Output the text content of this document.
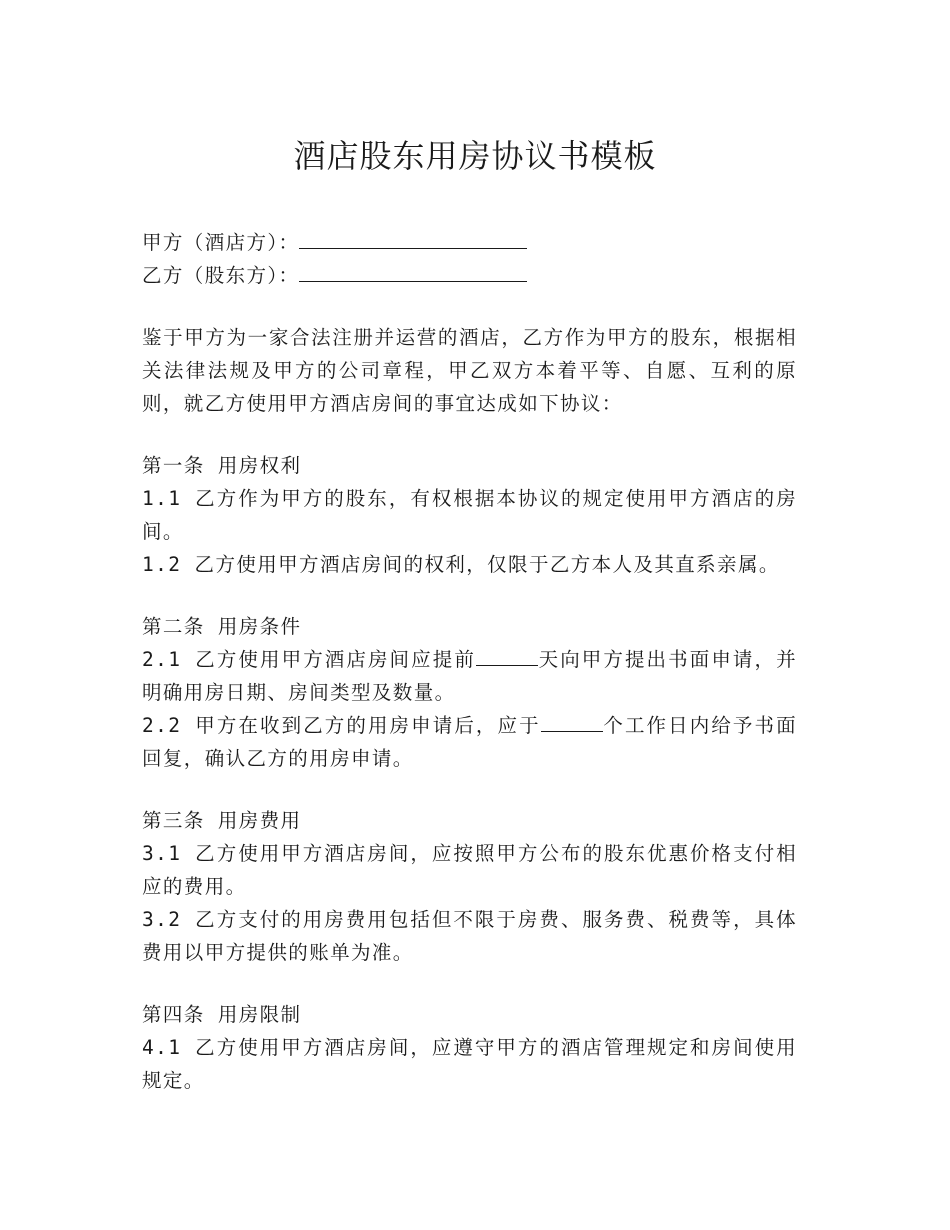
酒店股东用房协议书模板

甲方（酒店方）：

乙方（股东方）：

鉴于甲方为一家合法注册并运营的酒店，乙方作为甲方的股东，根据相关法律法规及甲方的公司章程，甲乙双方本着平等、自愿、互利的原则，就乙方使用甲方酒店房间的事宜达成如下协议：

第一条 用房权利

1.1 乙方作为甲方的股东，有权根据本协议的规定使用甲方酒店的房间。

1.2 乙方使用甲方酒店房间的权利，仅限于乙方本人及其直系亲属。

第二条 用房条件

2.1 乙方使用甲方酒店房间应提前	天向甲方提出书面申请，并明确用房日期、房间类型及数量。

2.2 甲方在收到乙方的用房申请后，应于	个工作日内给予书面回复，确认乙方的用房申请。

第三条 用房费用

3.1 乙方使用甲方酒店房间，应按照甲方公布的股东优惠价格支付相应的费用。

3.2 乙方支付的用房费用包括但不限于房费、服务费、税费等，具体费用以甲方提供的账单为准。

第四条 用房限制

4.1 乙方使用甲方酒店房间，应遵守甲方的酒店管理规定和房间使用规定。
